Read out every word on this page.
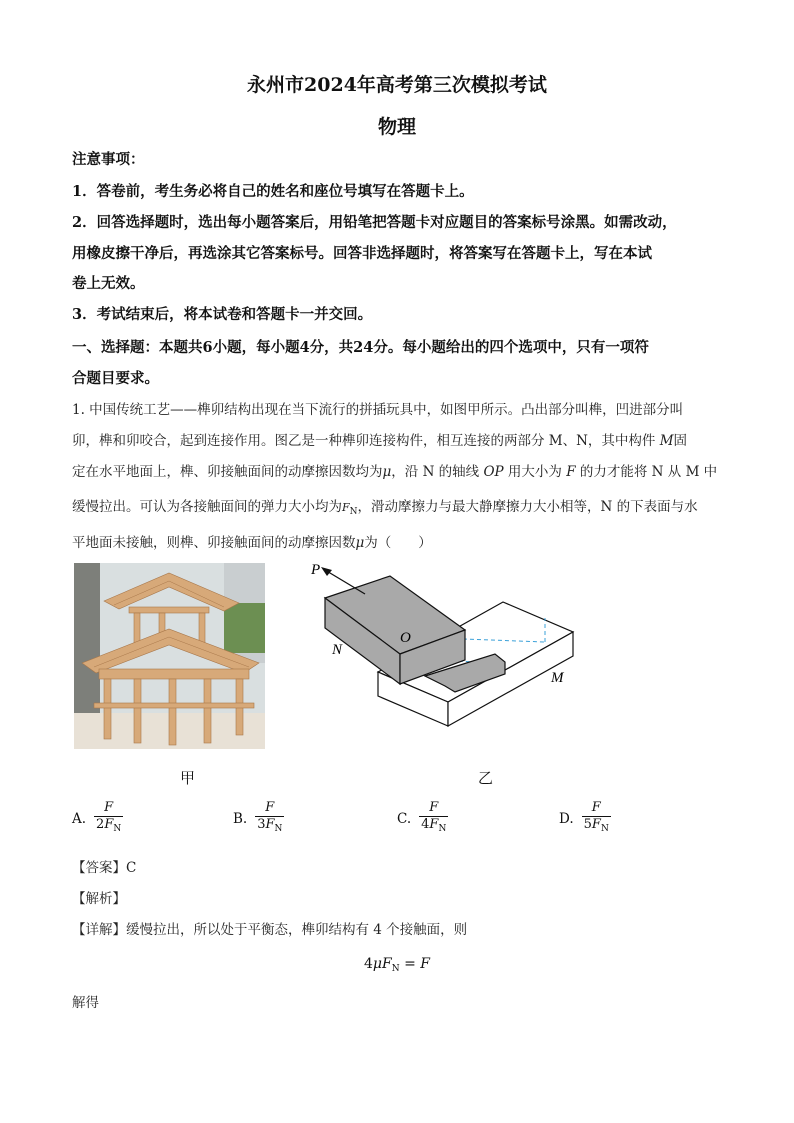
永州市2024年高考第三次模拟考试
物理
注意事项：
1．答卷前，考生务必将自己的姓名和座位号填写在答题卡上。
2．回答选择题时，选出每小题答案后，用铅笔把答题卡对应题目的答案标号涂黑。如需改动，
用橡皮擦干净后，再选涂其它答案标号。回答非选择题时，将答案写在答题卡上，写在本试
卷上无效。
3．考试结束后，将本试卷和答题卡一并交回。
一、选择题：本题共6小题，每小题4分，共24分。每小题给出的四个选项中，只有一项符
合题目要求。
1. 中国传统工艺——榫卯结构出现在当下流行的拼插玩具中，如图甲所示。凸出部分叫榫，凹进部分叫
卯，榫和卯咬合，起到连接作用。图乙是一种榫卯连接构件，相互连接的两部分 M、N，其中构件 M固
定在水平地面上，榫、卯接触面间的动摩擦因数均为μ，沿 N 的轴线 OP 用大小为 F 的力才能将 N 从 M 中
缓慢拉出。可认为各接触面间的弹力大小均为$F_N$，滑动摩擦力与最大静摩擦力大小相等，N 的下表面与水
平地面未接触，则榫、卯接触面间的动摩擦因数μ为（　　）
P
O
N
M
甲	乙
A. $\frac{F}{2F_N}$	B. $\frac{F}{3F_N}$	C. $\frac{F}{4F_N}$	D. $\frac{F}{5F_N}$
【答案】C
【解析】
【详解】缓慢拉出，所以处于平衡态，榫卯结构有 4 个接触面，则
$4\mu F_N = F$
解得
